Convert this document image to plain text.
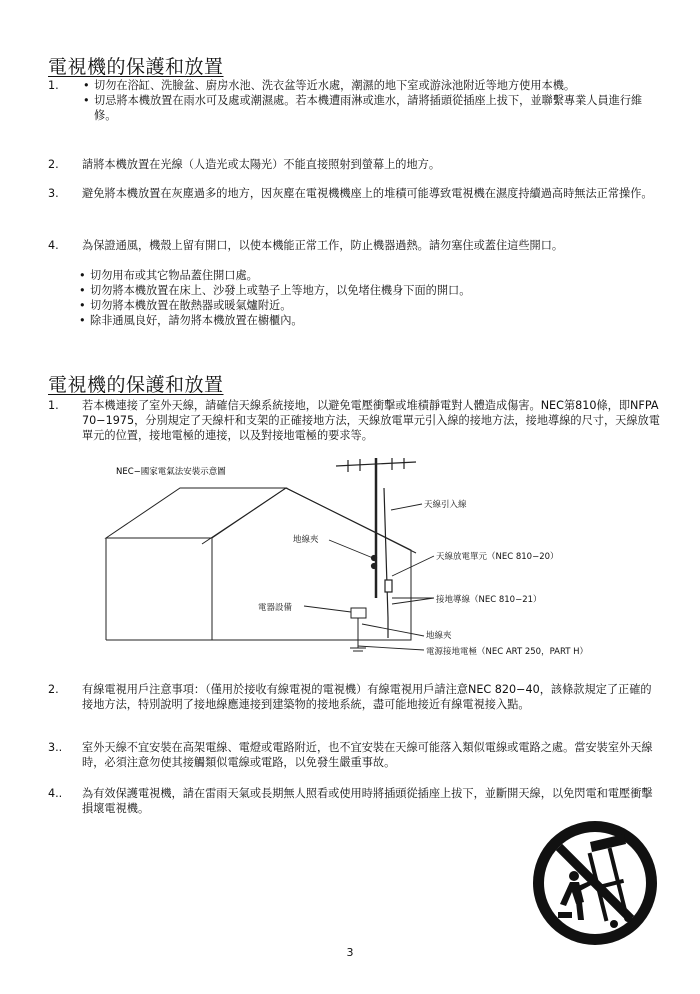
電視機的保護和放置
1.
•	切勿在浴缸、洗臉盆、廚房水池、洗衣盆等近水處，潮濕的地下室或游泳池附近等地方使用本機。
• 切忌將本機放置在雨水可及處或潮濕處。若本機遭雨淋或進水，請將插頭從插座上拔下，並聯繫專業人員進行維修。
2. 請將本機放置在光線（人造光或太陽光）不能直接照射到螢幕上的地方。
3. 避免將本機放置在灰塵過多的地方，因灰塵在電視機機座上的堆積可能導致電視機在濕度持續過高時無法正常操作。
4. 為保證通風，機殼上留有開口，以使本機能正常工作，防止機器過熱。請勿塞住或蓋住這些開口。
• 切勿用布或其它物品蓋住開口處。
• 切勿將本機放置在床上、沙發上或墊子上等地方，以免堵住機身下面的開口。
• 切勿將本機放置在散熱器或暖氣爐附近。
• 除非通風良好，請勿將本機放置在櫥櫃內。
電視機的保護和放置
1. 若本機連接了室外天線，請確信天線系統接地，以避免電壓衝擊或堆積靜電對人體造成傷害。NEC第810條，即NFPA 70−1975，分別規定了天線杆和支架的正確接地方法，天線放電單元引入線的接地方法，接地導線的尺寸，天線放電單元的位置，接地電極的連接，以及對接地電極的要求等。
NEC−國家電氣法安裝示意圖
天線引入線
地線夾
天線放電單元（NEC 810−20）
接地導線（NEC 810−21）
電器設備
地線夾
電源接地電極（NEC ART 250，PART H）
2. 有線電視用戶注意事項：（僅用於接收有線電視的電視機）有線電視用戶請注意NEC 820−40，該條款規定了正確的接地方法，特別說明了接地線應連接到建築物的接地系統，盡可能地接近有線電視接入點。
3.. 室外天線不宜安裝在高架電線、電燈或電路附近，也不宜安裝在天線可能落入類似電線或電路之處。當安裝室外天線時，必須注意勿使其接觸類似電線或電路，以免發生嚴重事故。
4.. 為有效保護電視機，請在雷雨天氣或長期無人照看或使用時將插頭從插座上拔下，並斷開天線，以免閃電和電壓衝擊損壞電視機。
3
